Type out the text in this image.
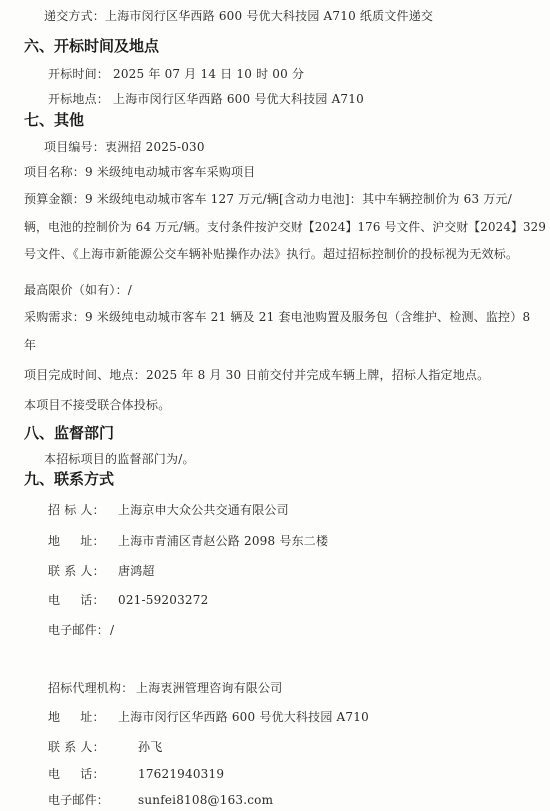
递交方式：上海市闵行区华西路 600 号优大科技园 A710 纸质文件递交
六、开标时间及地点
开标时间： 2025 年 07 月 14 日 10 时 00 分
开标地点： 上海市闵行区华西路 600 号优大科技园 A710
七、其他
项目编号：衷洲招 2025-030
项目名称：9 米级纯电动城市客车采购项目
预算金额：9 米级纯电动城市客车 127 万元/辆[含动力电池]：其中车辆控制价为 63 万元/
辆，电池的控制价为 64 万元/辆。支付条件按沪交财【2024】176 号文件、沪交财【2024】329
号文件、《上海市新能源公交车辆补贴操作办法》执行。超过招标控制价的投标视为无效标。
最高限价（如有）：/
采购需求：9 米级纯电动城市客车 21 辆及 21 套电池购置及服务包（含维护、检测、监控）8
年
项目完成时间、地点：2025 年 8 月 30 日前交付并完成车辆上牌，招标人指定地点。
本项目不接受联合体投标。
八、监督部门
本招标项目的监督部门为/。
九、联系方式
招 标 人： 上海京申大众公共交通有限公司
地     址： 上海市青浦区青赵公路 2098 号东二楼
联 系 人： 唐鸿超
电     话： 021-59203272
电子邮件：/
招标代理机构： 上海衷洲管理咨询有限公司
地     址： 上海市闵行区华西路 600 号优大科技园 A710
联 系 人：	孙飞
电     话：	17621940319
电子邮件： sunfei8108@163.com
